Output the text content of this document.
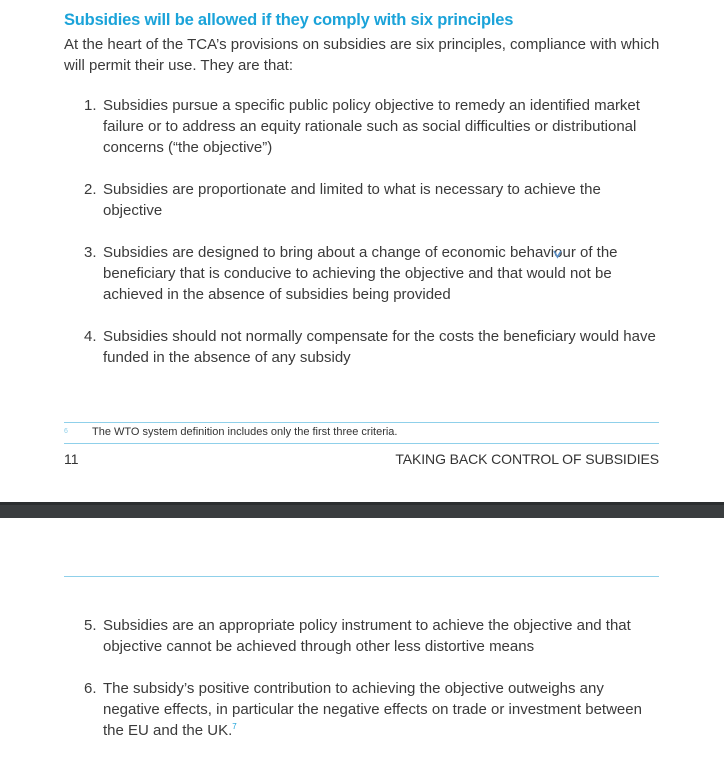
Subsidies will be allowed if they comply with six principles
At the heart of the TCA’s provisions on subsidies are six principles, compliance with which will permit their use. They are that:
1. Subsidies pursue a specific public policy objective to remedy an identified market failure or to address an equity rationale such as social difficulties or distributional concerns (“the objective”)
2. Subsidies are proportionate and limited to what is necessary to achieve the objective
3. Subsidies are designed to bring about a change of economic behaviour of the beneficiary that is conducive to achieving the objective and that would not be achieved in the absence of subsidies being provided
4. Subsidies should not normally compensate for the costs the beneficiary would have funded in the absence of any subsidy
6 The WTO system definition includes only the first three criteria.
11	TAKING BACK CONTROL OF SUBSIDIES
5. Subsidies are an appropriate policy instrument to achieve the objective and that objective cannot be achieved through other less distortive means
6. The subsidy’s positive contribution to achieving the objective outweighs any negative effects, in particular the negative effects on trade or investment between the EU and the UK.$^7$
